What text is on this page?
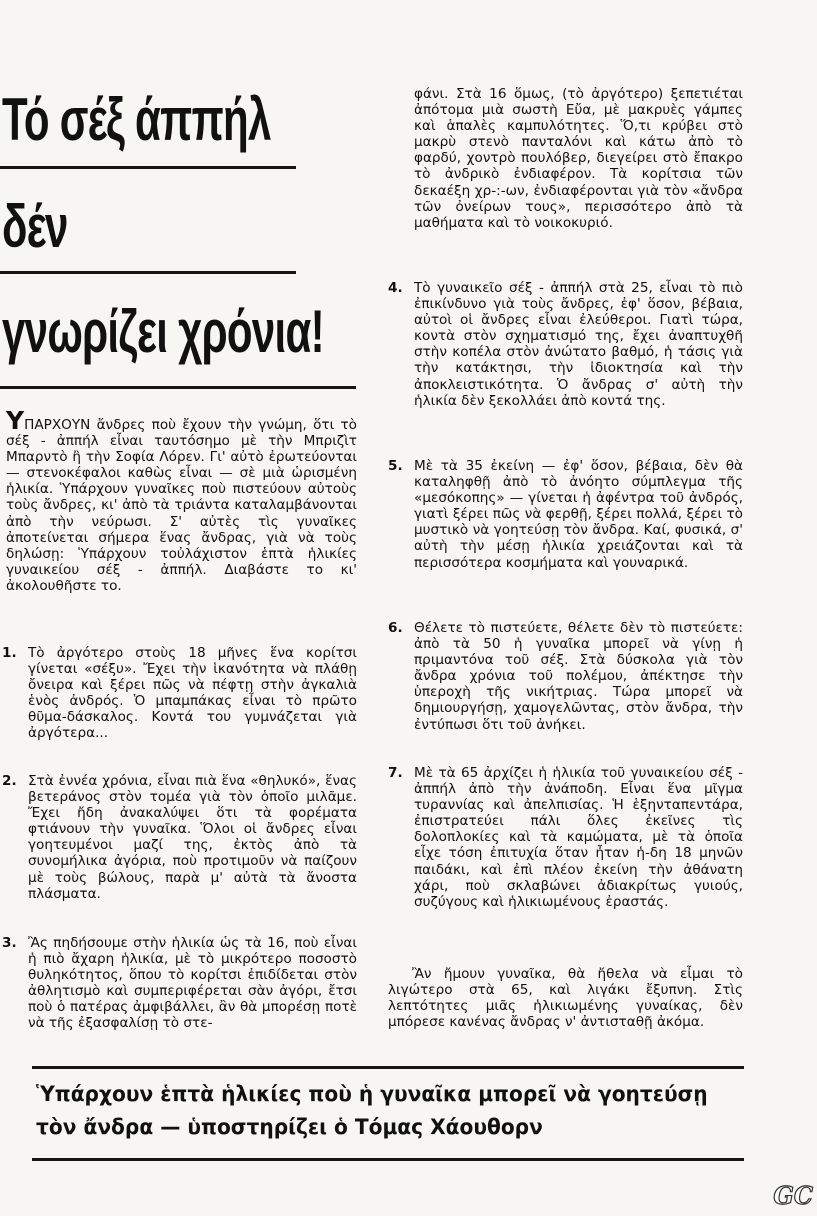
Τό σέξ άππήλ
δέν
γνωρίζει χρόνια!

YΠΑΡΧΟΥΝ ἄνδρες ποὺ ἔχουν τὴν γνώμη, ὅτι τὸ σέξ - ἀππήλ εἶναι ταυτόσημο μὲ τὴν Μπριζὶτ Μπαρντὸ ἢ τὴν Σοφία Λόρεν. Γι' αὐτὸ ἐρωτεύονται — στενοκέφαλοι καθὼς εἶναι — σὲ μιὰ ὡρισμένη ἡλικία. Ὑπάρχουν γυναῖκες ποὺ πιστεύουν αὐτοὺς τοὺς ἄνδρες, κι' ἀπὸ τὰ τριάντα καταλαμβάνονται ἀπὸ τὴν νεύρωσι. Σ' αὐτὲς τὶς γυναῖκες ἀποτείνεται σήμερα ἕνας ἄνδρας, γιὰ νὰ τοὺς δηλώσῃ: Ὑπάρχουν τοὐλάχιστον ἑπτὰ ἡλικίες γυναικείου σέξ - ἀππήλ. Διαβάστε το κι' ἀκολουθῆστε το.

1. Τὸ ἀργότερο στοὺς 18 μῆνες ἕνα κορίτσι γίνεται «σέξυ». Ἔχει τὴν ἱκανότητα νὰ πλάθῃ ὄνειρα καὶ ξέρει πῶς νὰ πέφτῃ στὴν ἀγκαλιὰ ἑνὸς ἀνδρός. Ὁ μπαμπάκας εἶναι τὸ πρῶτο θῦμα-δάσκαλος. Κοντά του γυμνάζεται γιὰ ἀργότερα...

2. Στὰ ἐννέα χρόνια, εἶναι πιὰ ἕνα «θηλυκό», ἕνας βετεράνος στὸν τομέα γιὰ τὸν ὁποῖο μιλᾶμε. Ἔχει ἤδη ἀνακαλύψει ὅτι τὰ φορέματα φτιάνουν τὴν γυναῖκα. Ὅλοι οἱ ἄνδρες εἶναι γοητευμένοι μαζί της, ἐκτὸς ἀπὸ τὰ συνομήλικα ἀγόρια, ποὺ προτιμοῦν νὰ παίζουν μὲ τοὺς βώλους, παρὰ μ' αὐτὰ τὰ ἄνοστα πλάσματα.

3. Ἂς πηδήσουμε στὴν ἡλικία ὡς τὰ 16, ποὺ εἶναι ἡ πιὸ ἄχαρη ἡλικία, μὲ τὸ μικρότερο ποσοστὸ θυληκότητος, ὅπου τὸ κορίτσι ἐπιδίδεται στὸν ἀθλητισμὸ καὶ συμπεριφέρεται σὰν ἀγόρι, ἔτσι ποὺ ὁ πατέρας ἀμφιβάλλει, ἂν θὰ μπορέσῃ ποτὲ νὰ τῆς ἐξασφαλίσῃ τὸ στε-

φάνι. Στὰ 16 ὅμως, (τὸ ἀργότερο) ξεπετιέται ἀπότομα μιὰ σωστὴ Εὔα, μὲ μακρυὲς γάμπες καὶ ἁπαλὲς καμπυλότητες. Ὅ,τι κρύβει στὸ μακρὺ στενὸ πανταλόνι καὶ κάτω ἀπὸ τὸ φαρδύ, χοντρὸ πουλόβερ, διεγείρει στὸ ἔπακρο τὸ ἀνδρικὸ ἐνδιαφέρον. Τὰ κορίτσια τῶν δεκαέξη χρ-:-ων, ἐνδιαφέρονται γιὰ τὸν «ἄνδρα τῶν ὀνείρων τους», περισσότερο ἀπὸ τὰ μαθήματα καὶ τὸ νοικοκυριό.

4. Τὸ γυναικεῖο σέξ - ἀππήλ στὰ 25, εἶναι τὸ πιὸ ἐπικίνδυνο γιὰ τοὺς ἄνδρες, ἐφ' ὅσον, βέβαια, αὐτοὶ οἱ ἄνδρες εἶναι ἐλεύθεροι. Γιατὶ τώρα, κοντὰ στὸν σχηματισμό της, ἔχει ἀναπτυχθῆ στὴν κοπέλα στὸν ἀνώτατο βαθμό, ἡ τάσις γιὰ τὴν κατάκτησι, τὴν ἰδιοκτησία καὶ τὴν ἀποκλειστικότητα. Ὁ ἄνδρας σ' αὐτὴ τὴν ἡλικία δὲν ξεκολλάει ἀπὸ κοντά της.

5. Μὲ τὰ 35 ἐκείνη — ἐφ' ὅσον, βέβαια, δὲν θὰ καταληφθῇ ἀπὸ τὸ ἀνόητο σύμπλεγμα τῆς «μεσόκοπης» — γίνεται ἡ ἀφέντρα τοῦ ἀνδρός, γιατὶ ξέρει πῶς νὰ φερθῇ, ξέρει πολλά, ξέρει τὸ μυστικὸ νὰ γοητεύσῃ τὸν ἄνδρα. Καί, φυσικά, σ' αὐτὴ τὴν μέσῃ ἡλικία χρειάζονται καὶ τὰ περισσότερα κοσμήματα καὶ γουναρικά.

6. Θέλετε τὸ πιστεύετε, θέλετε δὲν τὸ πιστεύετε: ἀπὸ τὰ 50 ἡ γυναῖκα μπορεῖ νὰ γίνῃ ἡ πριμαντόνα τοῦ σέξ. Στὰ δύσκολα γιὰ τὸν ἄνδρα χρόνια τοῦ πολέμου, ἀπέκτησε τὴν ὑπεροχὴ τῆς νικήτριας. Τώρα μπορεῖ νὰ δημιουργήσῃ, χαμογελῶντας, στὸν ἄνδρα, τὴν ἐντύπωσι ὅτι τοῦ ἀνήκει.

7. Μὲ τὰ 65 ἀρχίζει ἡ ἡλικία τοῦ γυναικείου σέξ - ἀππήλ ἀπὸ τὴν ἀνάποδη. Εἶναι ἕνα μῖγμα τυραννίας καὶ ἀπελπισίας. Ἡ ἑξηνταπεντάρα, ἐπιστρατεύει πάλι ὅλες ἐκεῖνες τὶς δολοπλοκίες καὶ τὰ καμώματα, μὲ τὰ ὁποῖα εἶχε τόση ἐπιτυχία ὅταν ἦταν ἡ-δη 18 μηνῶν παιδάκι, καὶ ἐπὶ πλέον ἐκείνη τὴν ἀθάνατη χάρι, ποὺ σκλαβώνει ἀδιακρίτως γυιούς, συζύγους καὶ ἡλικιωμένους ἐραστάς.

Ἂν ἤμουν γυναῖκα, θὰ ἤθελα νὰ εἶμαι τὸ λιγώτερο στὰ 65, καὶ λιγάκι ἔξυπνη. Στὶς λεπτότητες μιᾶς ἡλικιωμένης γυναίκας, δὲν μπόρεσε κανένας ἄνδρας ν' ἀντισταθῇ ἀκόμα.

Ὑπάρχουν ἑπτὰ ἡλικίες ποὺ ἡ γυναῖκα μπορεῖ νὰ γοητεύσῃ τὸν ἄνδρα — ὑποστηρίζει ὁ Τόμας Χάουθορν

GC
